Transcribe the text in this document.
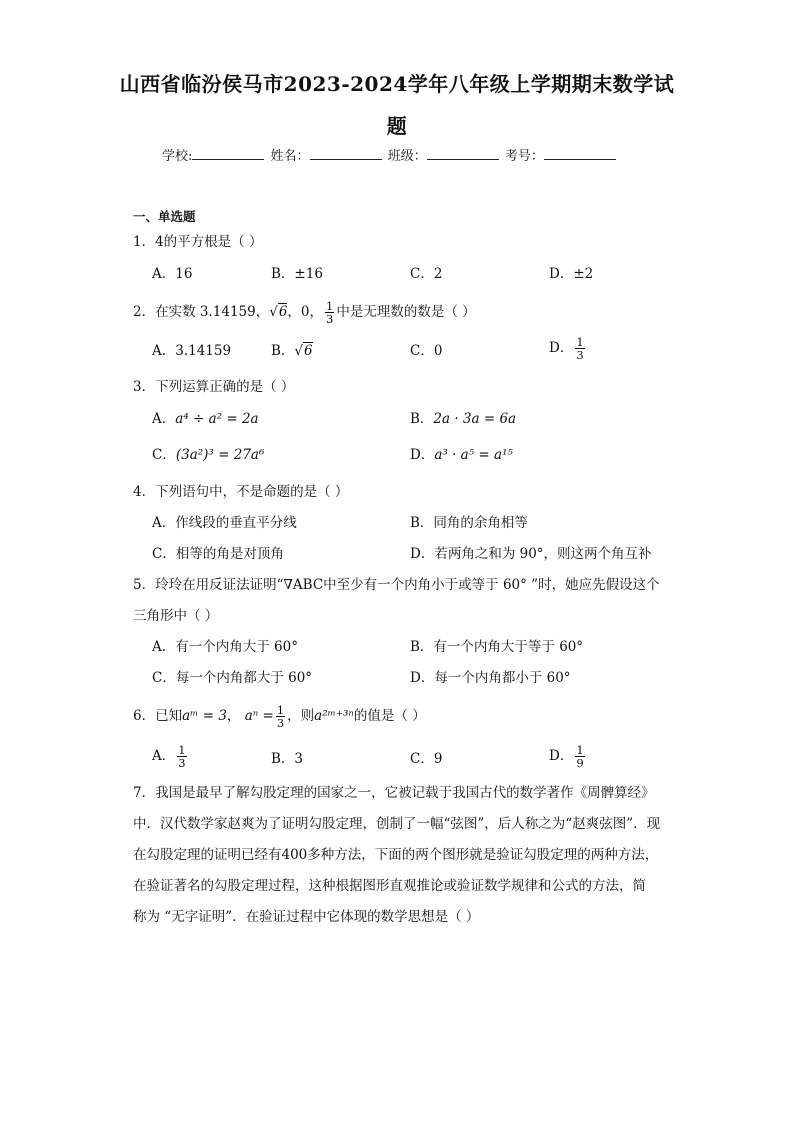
山西省临汾侯马市2023-2024学年八年级上学期期末数学试
题
学校:	姓名：	班级：	考号：
一、单选题
1．4的平方根是（ ）
A．16	B．±16	C．2	D．±2
2．在实数 3.14159，√6，0， $\frac{1}{3}$ 中是无理数的数是（ ）
A．3.14159	B．√6	C．0	D． $\frac{1}{3}$
3．下列运算正确的是（ ）
A．a⁴ ÷ a² = 2a	B．2a · 3a = 6a
C．(3a²)³ = 27a⁶	D．a³ · a⁵ = a¹⁵
4．下列语句中，不是命题的是（ ）
A．作线段的垂直平分线	B．同角的余角相等
C．相等的角是对顶角	D．若两角之和为 90°，则这两个角互补
5．玲玲在用反证法证明“∇ABC中至少有一个内角小于或等于 60° ”时，她应先假设这个
三角形中（ ）
A．有一个内角大于 60°	B．有一个内角大于等于 60°
C．每一个内角都大于 60°	D．每一个内角都小于 60°
6．已知aᵐ = 3， $a^n = \frac{1}{3}$ ，则a²ᵐ⁺³ⁿ的值是（ ）
A． $\frac{1}{3}$	B．3	C．9	D． $\frac{1}{9}$
7．我国是最早了解勾股定理的国家之一，它被记载于我国古代的数学著作《周髀算经》
中．汉代数学家赵爽为了证明勾股定理，创制了一幅“弦图”，后人称之为“赵爽弦图”．现
在勾股定理的证明已经有400多种方法，下面的两个图形就是验证勾股定理的两种方法，
在验证著名的勾股定理过程，这种根据图形直观推论或验证数学规律和公式的方法，简
称为 “无字证明”．在验证过程中它体现的数学思想是（ ）
